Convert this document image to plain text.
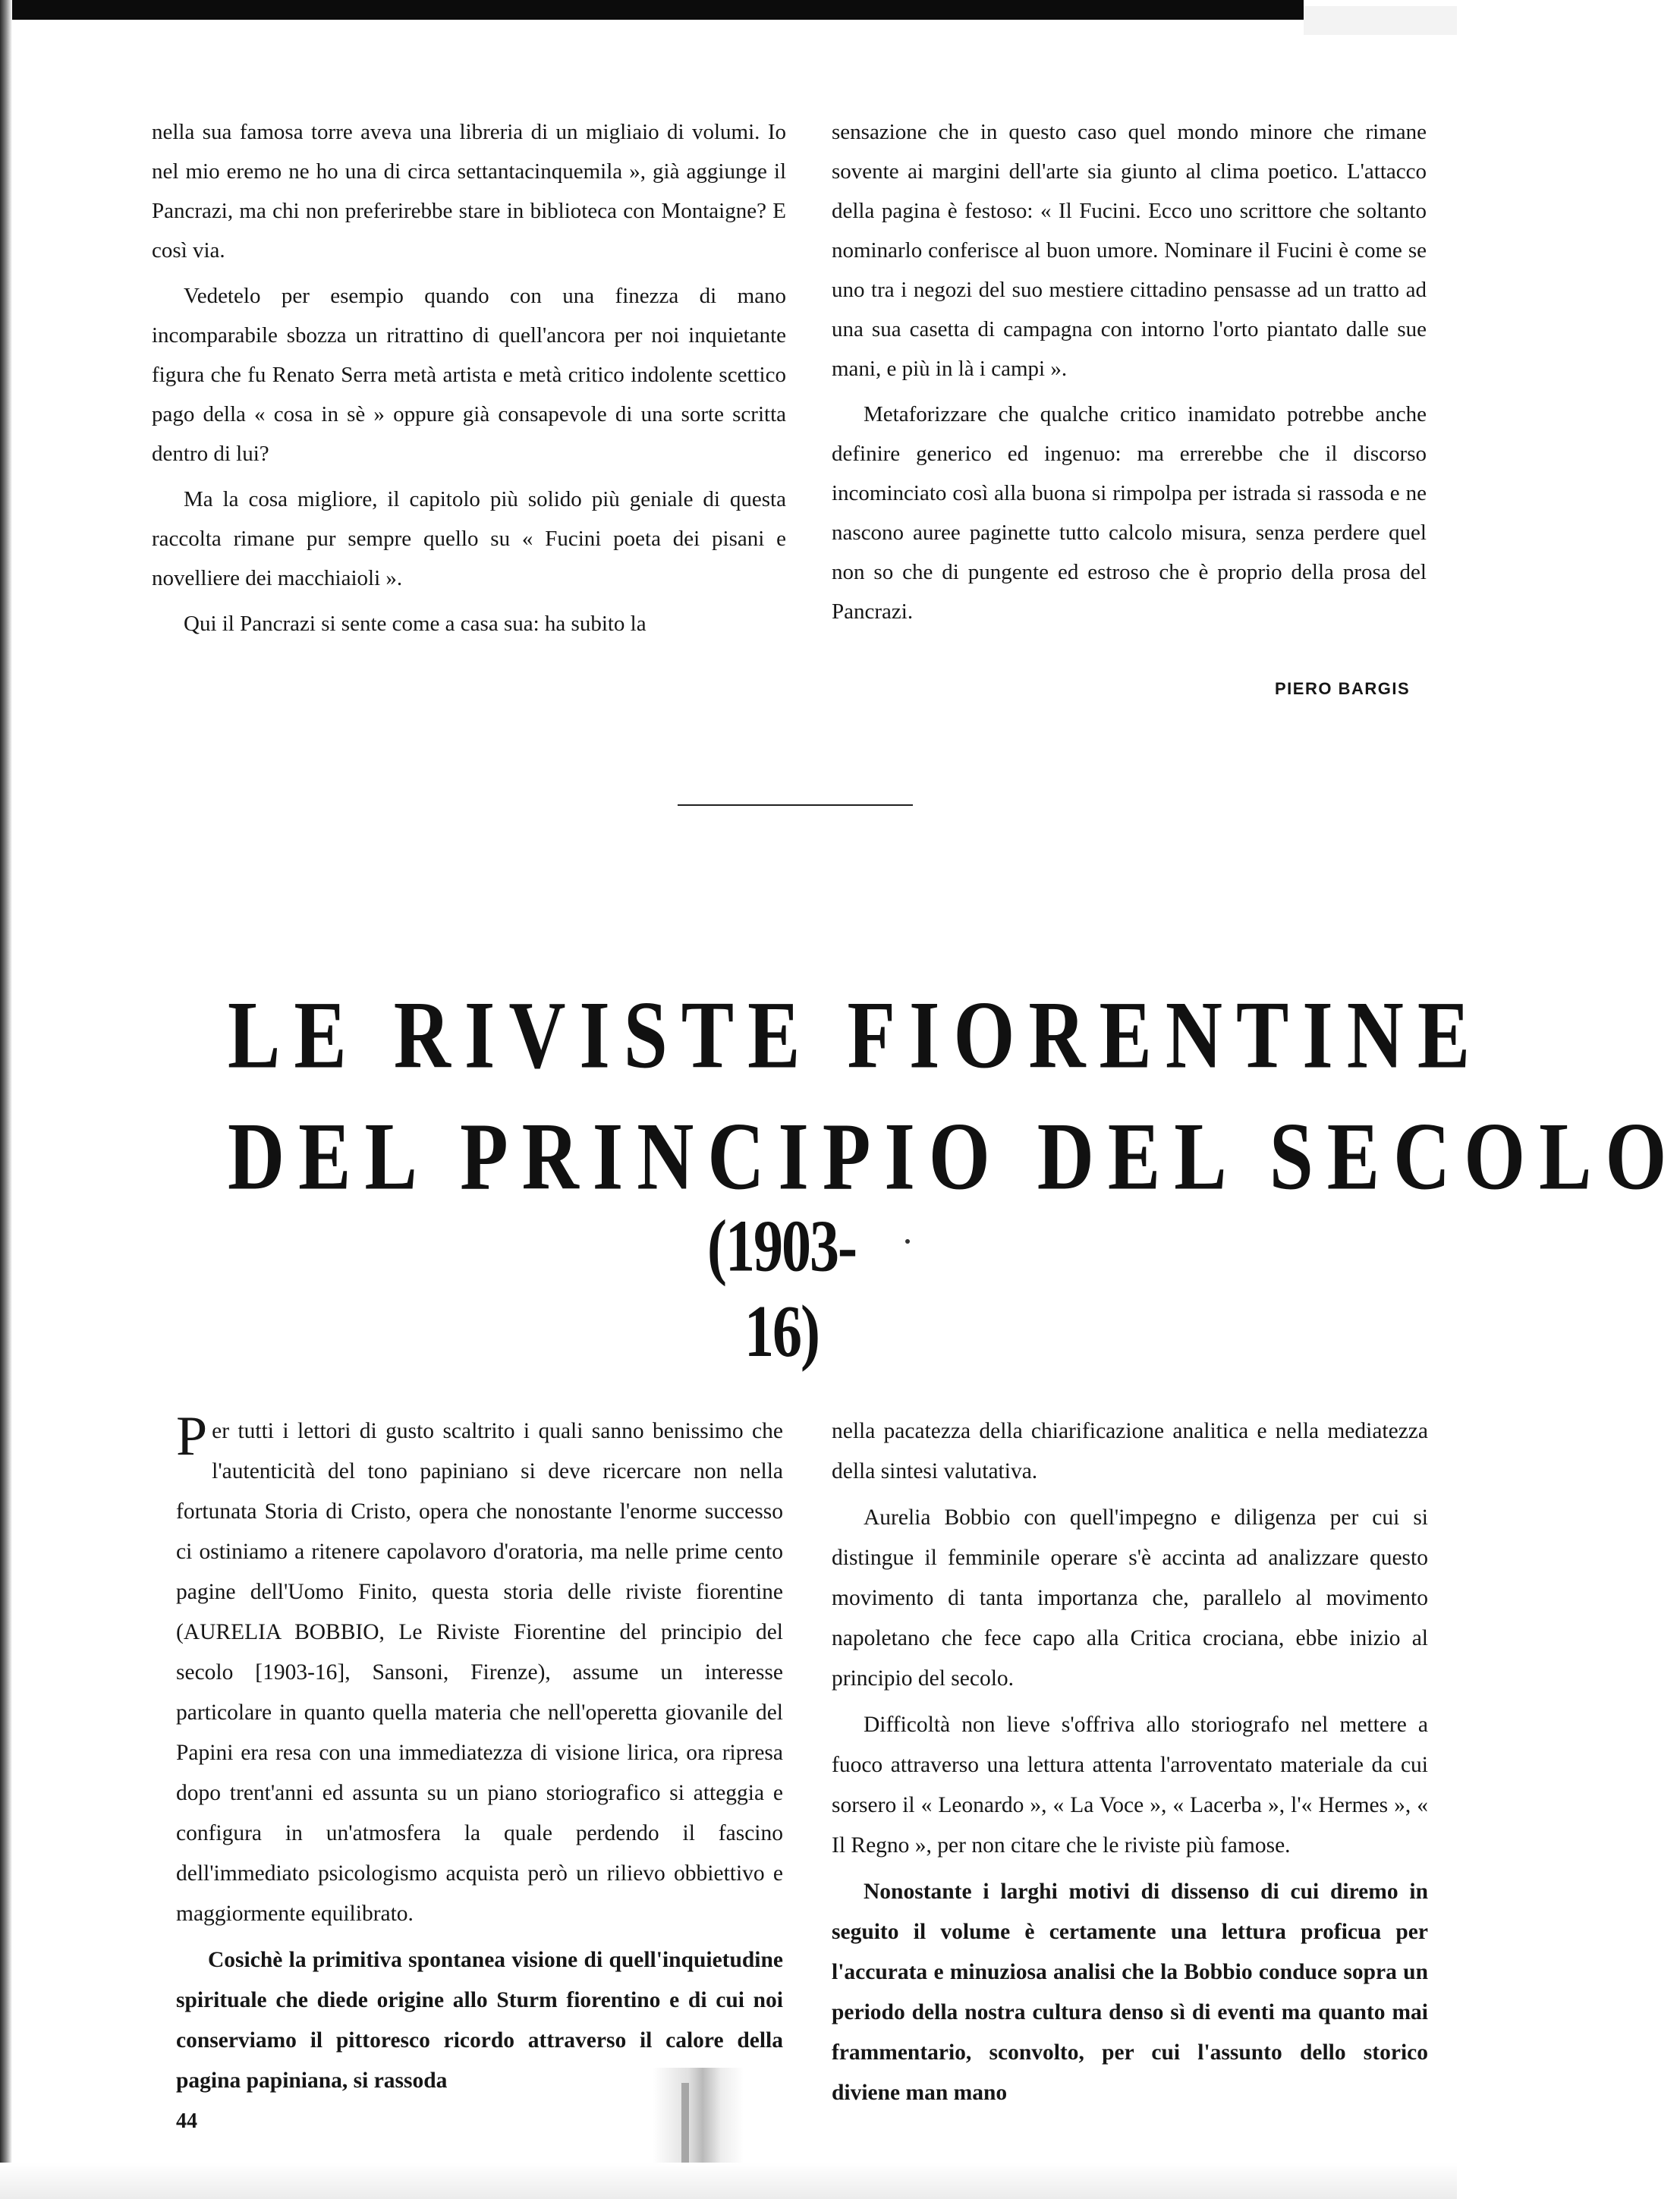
nella sua famosa torre aveva una libreria di un migliaio di volumi. Io nel mio eremo ne ho una di circa settantacinquemila », già aggiunge il Pancrazi, ma chi non preferirebbe stare in biblioteca con Montaigne? E così via.

Vedetelo per esempio quando con una finezza di mano incomparabile sbozza un ritrattino di quell'ancora per noi inquietante figura che fu Renato Serra metà artista e metà critico indolente scettico pago della « cosa in sè » oppure già consapevole di una sorte scritta dentro di lui?

Ma la cosa migliore, il capitolo più solido più geniale di questa raccolta rimane pur sempre quello su « Fucini poeta dei pisani e novelliere dei macchiaioli ».

Qui il Pancrazi si sente come a casa sua: ha subito la

sensazione che in questo caso quel mondo minore che rimane sovente ai margini dell'arte sia giunto al clima poetico. L'attacco della pagina è festoso: « Il Fucini. Ecco uno scrittore che soltanto nominarlo conferisce al buon umore. Nominare il Fucini è come se uno tra i negozi del suo mestiere cittadino pensasse ad un tratto ad una sua casetta di campagna con intorno l'orto piantato dalle sue mani, e più in là i campi ».

Metaforizzare che qualche critico inamidato potrebbe anche definire generico ed ingenuo: ma errerebbe che il discorso incominciato così alla buona si rimpolpa per istrada si rassoda e ne nascono auree paginette tutto calcolo misura, senza perdere quel non so che di pungente ed estroso che è proprio della prosa del Pancrazi.

PIERO BARGIS
LE RIVISTE FIORENTINE
DEL PRINCIPIO DEL SECOLO
(1903-16)

Per tutti i lettori di gusto scaltrito i quali sanno benissimo che l'autenticità del tono papiniano si deve ricercare non nella fortunata Storia di Cristo, opera che nonostante l'enorme successo ci ostiniamo a ritenere capolavoro d'oratoria, ma nelle prime cento pagine dell'Uomo Finito, questa storia delle riviste fiorentine (AURELIA BOBBIO, Le Riviste Fiorentine del principio del secolo [1903-16], Sansoni, Firenze), assume un interesse particolare in quanto quella materia che nell'operetta giovanile del Papini era resa con una immediatezza di visione lirica, ora ripresa dopo trent'anni ed assunta su un piano storiografico si atteggia e configura in un'atmosfera la quale perdendo il fascino dell'immediato psicologismo acquista però un rilievo obbiettivo e maggiormente equilibrato.

Cosichè la primitiva spontanea visione di quell'inquietudine spirituale che diede origine allo Sturm fiorentino e di cui noi conserviamo il pittoresco ricordo attraverso il calore della pagina papiniana, si rassoda

nella pacatezza della chiarificazione analitica e nella mediatezza della sintesi valutativa.

Aurelia Bobbio con quell'impegno e diligenza per cui si distingue il femminile operare s'è accinta ad analizzare questo movimento di tanta importanza che, parallelo al movimento napoletano che fece capo alla Critica crociana, ebbe inizio al principio del secolo.

Difficoltà non lieve s'offriva allo storiografo nel mettere a fuoco attraverso una lettura attenta l'arroventato materiale da cui sorsero il « Leonardo », « La Voce », « Lacerba », l'« Hermes », « Il Regno », per non citare che le riviste più famose.

Nonostante i larghi motivi di dissenso di cui diremo in seguito il volume è certamente una lettura proficua per l'accurata e minuziosa analisi che la Bobbio conduce sopra un periodo della nostra cultura denso sì di eventi ma quanto mai frammentario, sconvolto, per cui l'assunto dello storico diviene man mano

44
